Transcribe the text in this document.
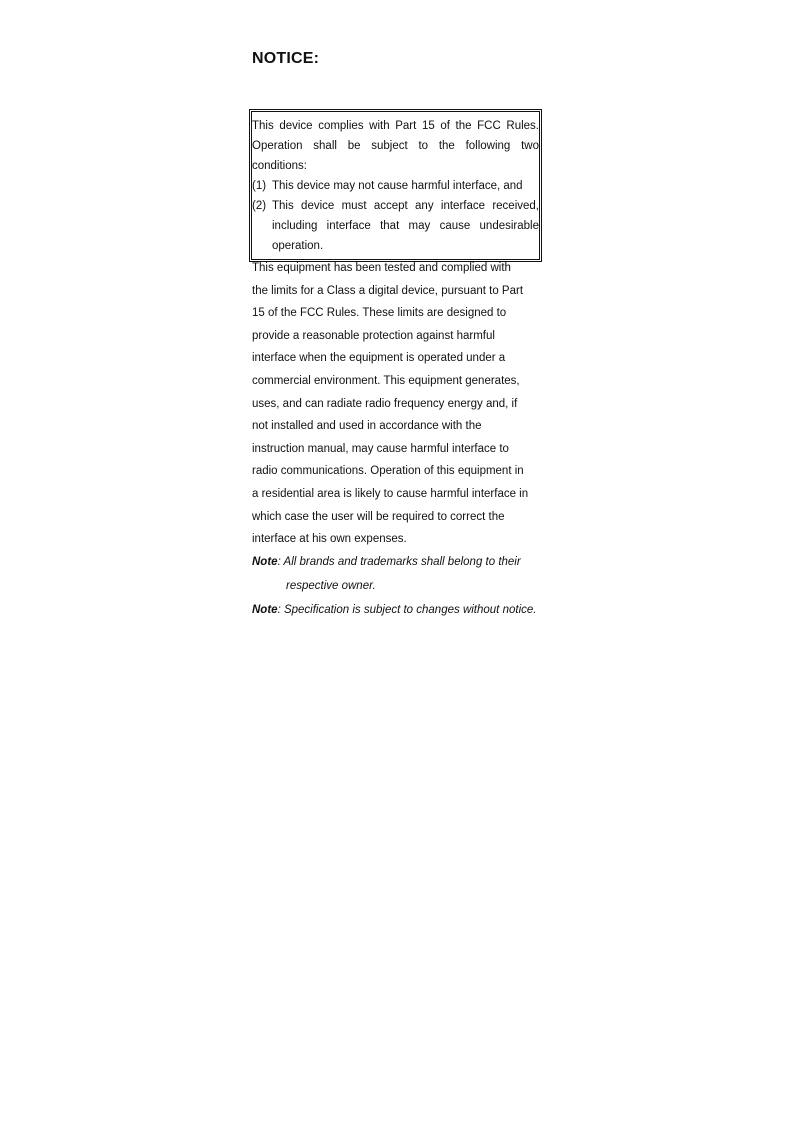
NOTICE:

This device complies with Part 15 of the FCC Rules. Operation shall be subject to the following two conditions:

(1) This device may not cause harmful interface, and

(2) This device must accept any interface received, including interface that may cause undesirable operation.

This equipment has been tested and complied with
the limits for a Class a digital device, pursuant to Part
15 of the FCC Rules. These limits are designed to
provide a reasonable protection against harmful
interface when the equipment is operated under a
commercial environment. This equipment generates,
uses, and can radiate radio frequency energy and, if
not installed and used in accordance with the
instruction manual, may cause harmful interface to
radio communications. Operation of this equipment in
a residential area is likely to cause harmful interface in
which case the user will be required to correct the
interface at his own expenses.

Note: All brands and trademarks shall belong to their respective owner.

Note: Specification is subject to changes without notice.
